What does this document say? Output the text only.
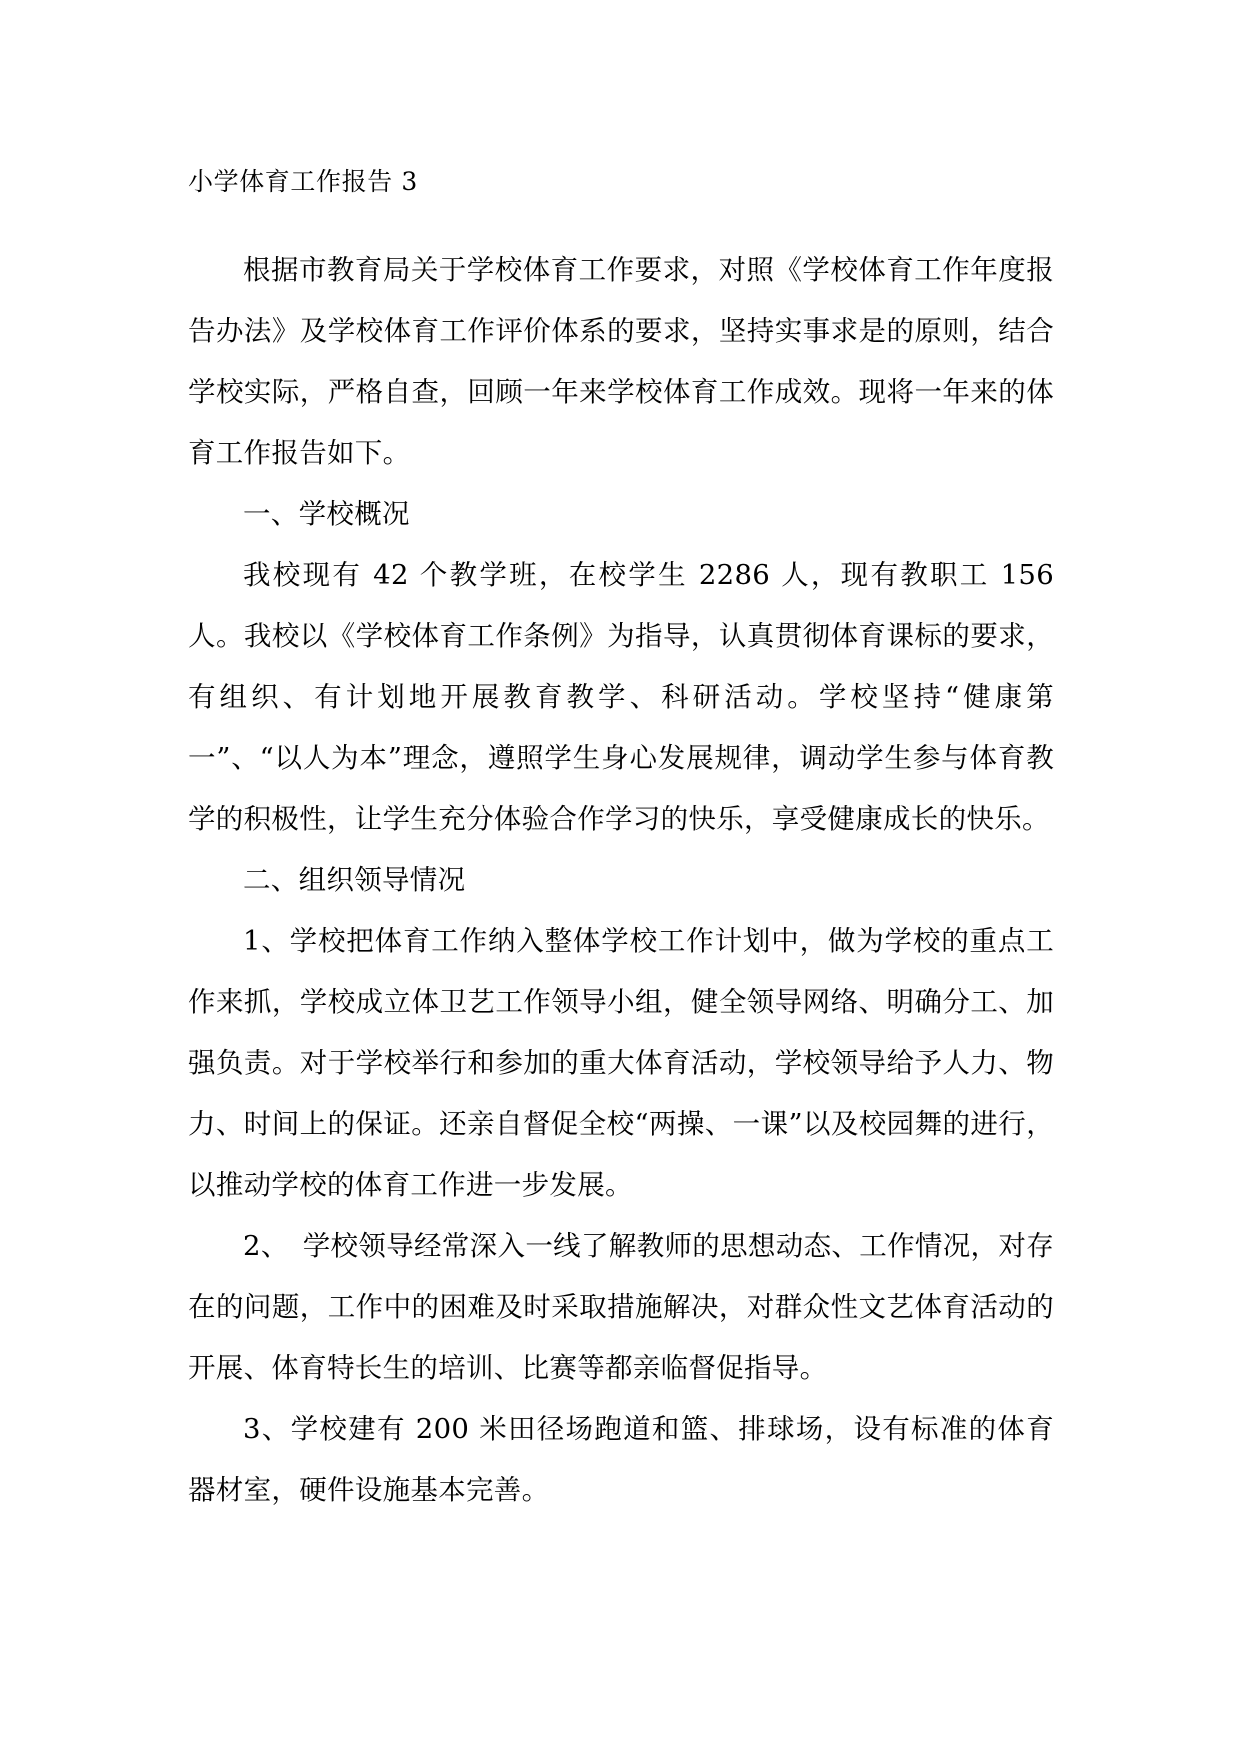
小学体育工作报告 3

根据市教育局关于学校体育工作要求，对照《学校体育工作年度报告办法》及学校体育工作评价体系的要求，坚持实事求是的原则，结合学校实际，严格自查，回顾一年来学校体育工作成效。现将一年来的体育工作报告如下。

一、学校概况

我校现有 42 个教学班，在校学生 2286 人，现有教职工 156 人。我校以《学校体育工作条例》为指导，认真贯彻体育课标的要求，有组织、有计划地开展教育教学、科研活动。学校坚持“健康第一”、“以人为本”理念，遵照学生身心发展规律，调动学生参与体育教学的积极性，让学生充分体验合作学习的快乐，享受健康成长的快乐。

二、组织领导情况

1、学校把体育工作纳入整体学校工作计划中，做为学校的重点工作来抓，学校成立体卫艺工作领导小组，健全领导网络、明确分工、加强负责。对于学校举行和参加的重大体育活动，学校领导给予人力、物力、时间上的保证。还亲自督促全校“两操、一课”以及校园舞的进行，以推动学校的体育工作进一步发展。

2、　学校领导经常深入一线了解教师的思想动态、工作情况，对存在的问题，工作中的困难及时采取措施解决，对群众性文艺体育活动的开展、体育特长生的培训、比赛等都亲临督促指导。

3、学校建有 200 米田径场跑道和篮、排球场，设有标准的体育器材室，硬件设施基本完善。
